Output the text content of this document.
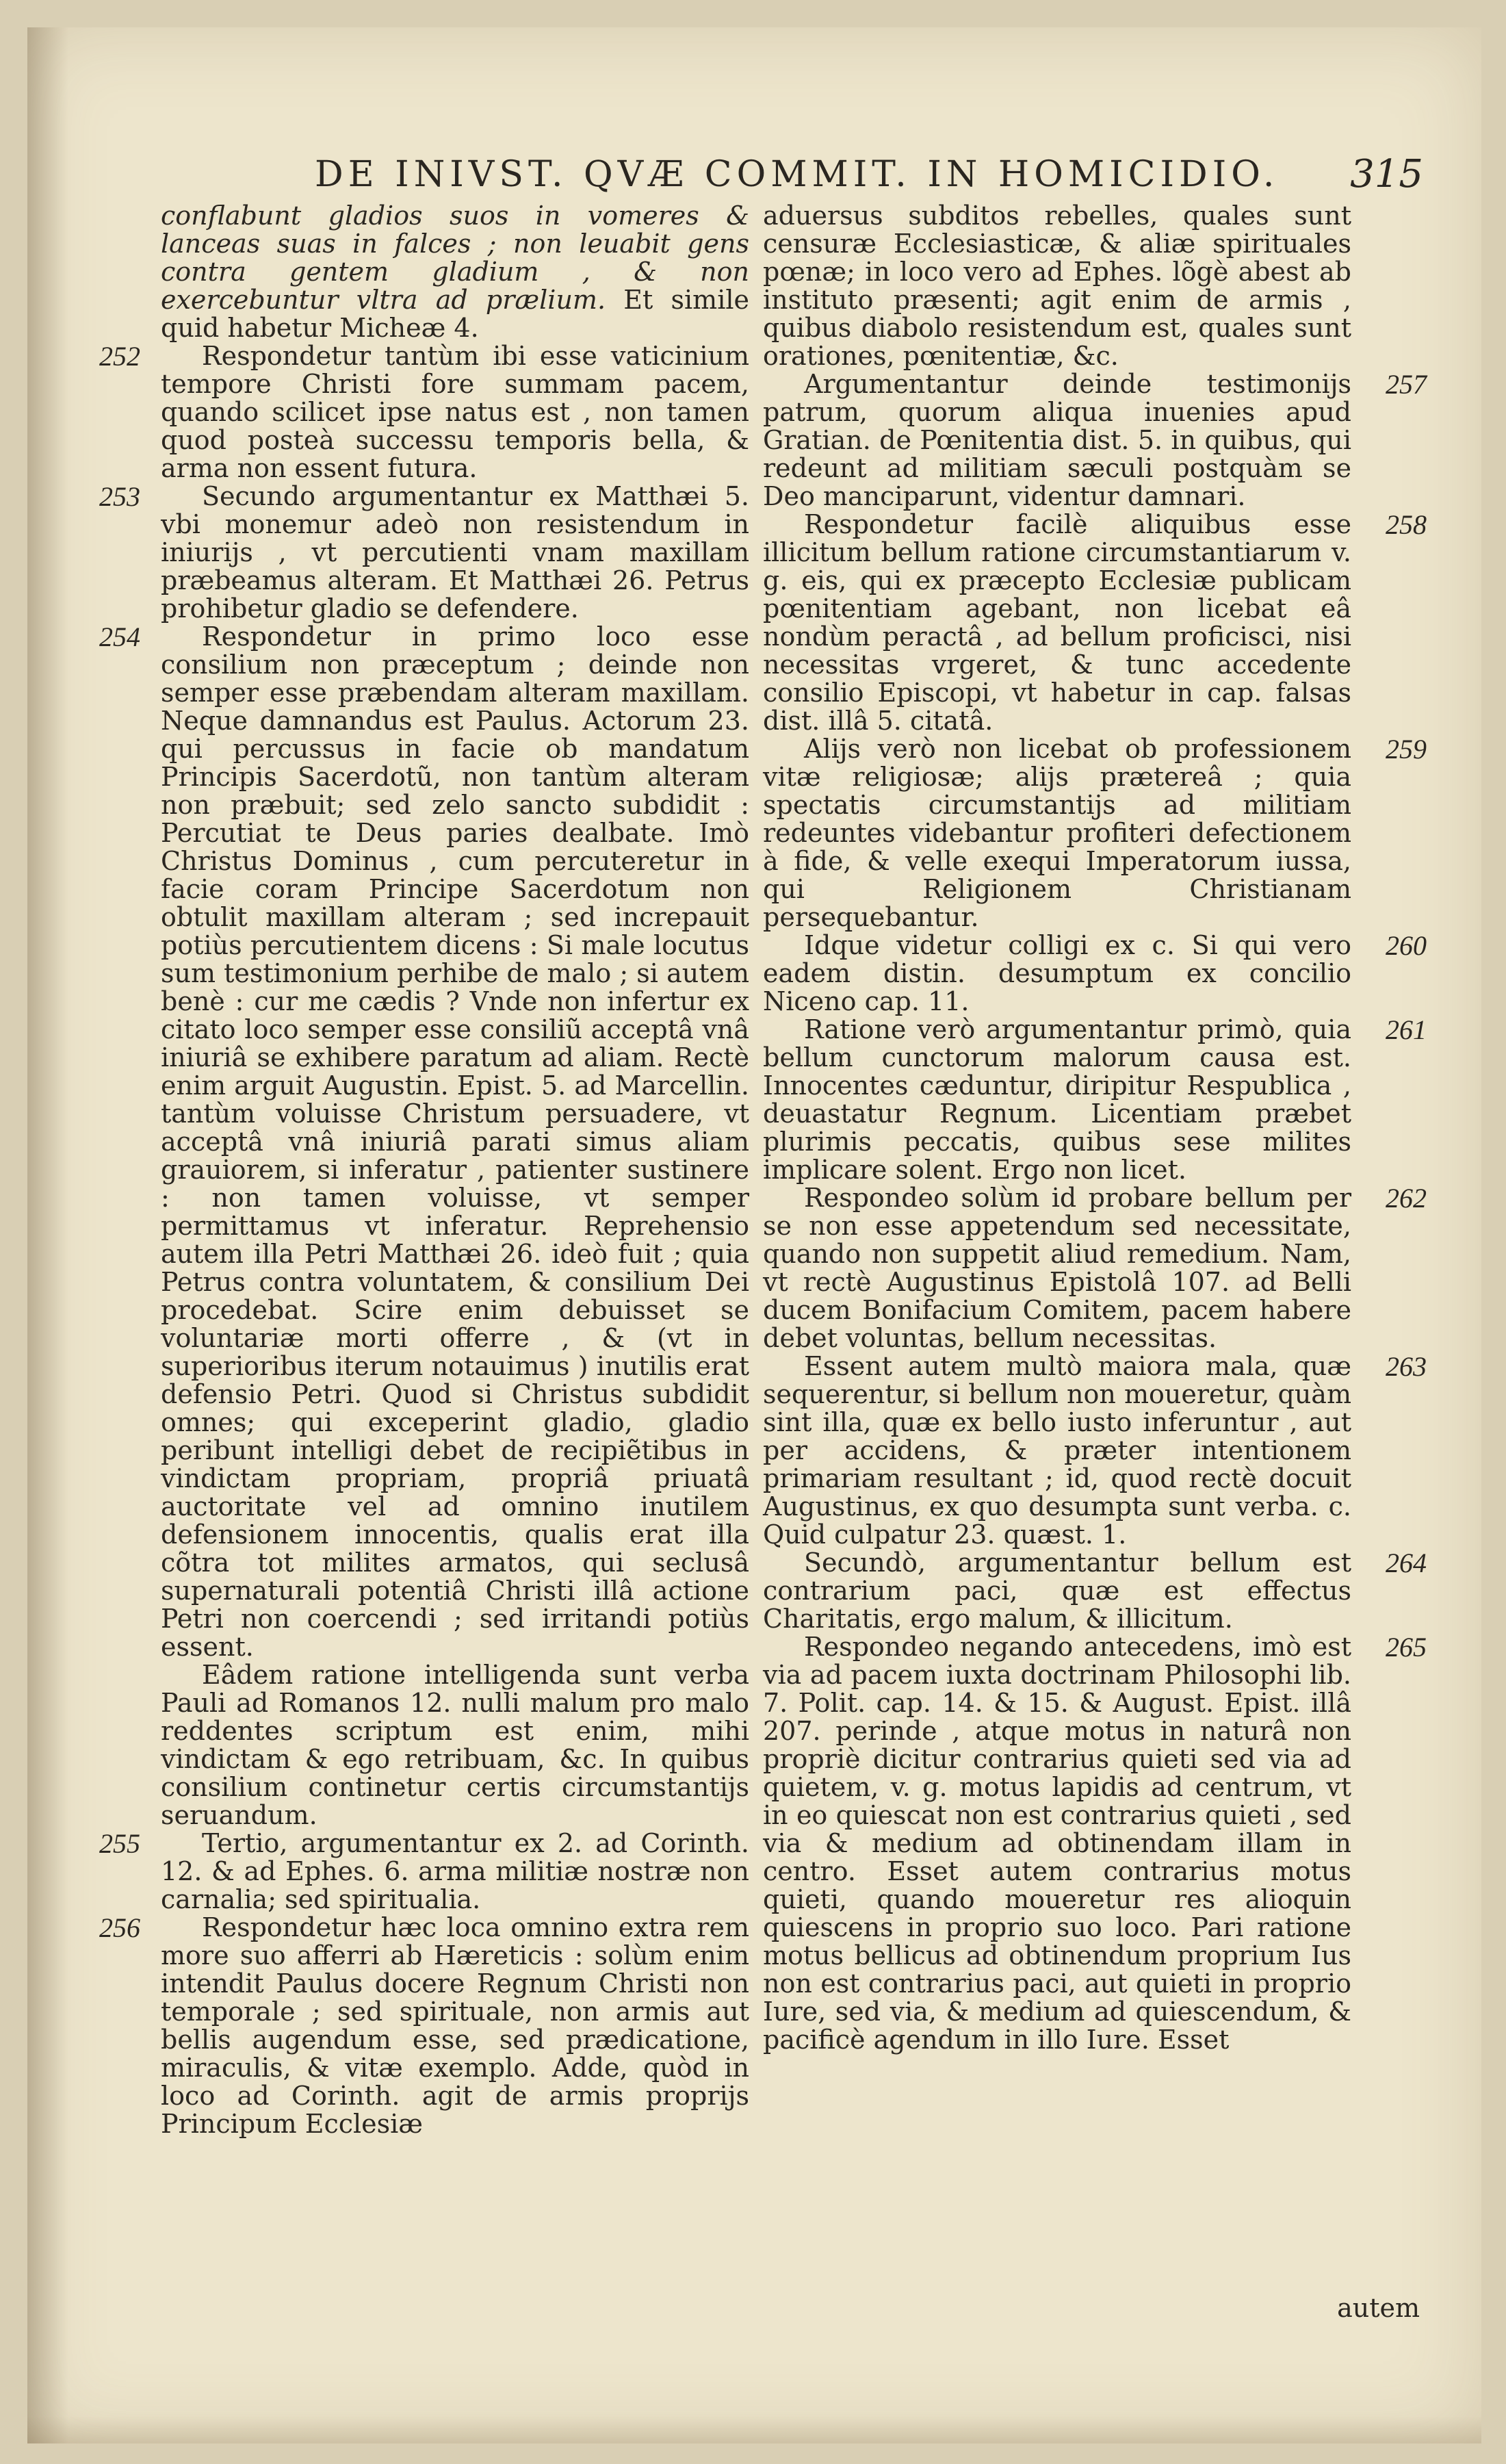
DE INIVST. QVÆ COMMIT. IN HOMICIDIO. 315

conflabunt gladios suos in vomeres & lanceas suas in falces ; non leuabit gens contra gentem gladium , & non exercebuntur vltra ad prælium. Et simile quid habetur Micheæ 4.

252 Respondetur tantùm ibi esse vaticinium tempore Christi fore summam pacem, quando scilicet ipse natus est , non tamen quod posteà successu temporis bella, & arma non essent futura.

253 Secundo argumentantur ex Matthæi 5. vbi monemur adeò non resistendum in iniurijs , vt percutienti vnam maxillam præbeamus alteram. Et Matthæi 26. Petrus prohibetur gladio se defendere.

254 Respondetur in primo loco esse consilium non præceptum ; deinde non semper esse præbendam alteram maxillam. Neque damnandus est Paulus. Actorum 23. qui percussus in facie ob mandatum Principis Sacerdotũ, non tantùm alteram non præbuit; sed zelo sancto subdidit : Percutiat te Deus paries dealbate. Imò Christus Dominus , cum percuteretur in facie coram Principe Sacerdotum non obtulit maxillam alteram ; sed increpauit potiùs percutientem dicens : Si male locutus sum testimonium perhibe de malo ; si autem benè : cur me cædis ? Vnde non infertur ex citato loco semper esse consiliũ acceptâ vnâ iniuriâ se exhibere paratum ad aliam. Rectè enim arguit Augustin. Epist. 5. ad Marcellin. tantùm voluisse Christum persuadere, vt acceptâ vnâ iniuriâ parati simus aliam grauiorem, si inferatur , patienter sustinere : non tamen voluisse, vt semper permittamus vt inferatur. Reprehensio autem illa Petri Matthæi 26. ideò fuit ; quia Petrus contra voluntatem, & consilium Dei procedebat. Scire enim debuisset se voluntariæ morti offerre , & (vt in superioribus iterum notauimus ) inutilis erat defensio Petri. Quod si Christus subdidit omnes; qui exceperint gladio, gladio peribunt intelligi debet de recipiẽtibus in vindictam propriam, propriâ priuatâ auctoritate vel ad omnino inutilem defensionem innocentis, qualis erat illa cõtra tot milites armatos, qui seclusâ supernaturali potentiâ Christi illâ actione Petri non coercendi ; sed irritandi potiùs essent.

Eâdem ratione intelligenda sunt verba Pauli ad Romanos 12. nulli malum pro malo reddentes scriptum est enim, mihi vindictam & ego retribuam, &c. In quibus consilium continetur certis circumstantijs seruandum.

255 Tertio, argumentantur ex 2. ad Corinth. 12. & ad Ephes. 6. arma militiæ nostræ non carnalia; sed spiritualia.

256 Respondetur hæc loca omnino extra rem more suo afferri ab Hæreticis : solùm enim intendit Paulus docere Regnum Christi non temporale ; sed spirituale, non armis aut bellis augendum esse, sed prædicatione, miraculis, & vitæ exemplo. Adde, quòd in loco ad Corinth. agit de armis proprijs Principum Ecclesiæ

aduersus subditos rebelles, quales sunt censuræ Ecclesiasticæ, & aliæ spirituales pœnæ; in loco vero ad Ephes. lõgè abest ab instituto præsenti; agit enim de armis , quibus diabolo resistendum est, quales sunt orationes, pœnitentiæ, &c.

257
Argumentantur deinde testimonijs patrum, quorum aliqua inuenies apud Gratian. de Pœnitentia dist. 5. in quibus, qui redeunt ad militiam sæculi postquàm se Deo manciparunt, videntur damnari.

258
Respondetur facilè aliquibus esse illicitum bellum ratione circumstantiarum v. g. eis, qui ex præcepto Ecclesiæ publicam pœnitentiam agebant, non licebat eâ nondùm peractâ , ad bellum proficisci, nisi necessitas vrgeret, & tunc accedente consilio Episcopi, vt habetur in cap. falsas dist. illâ 5. citatâ.

259
Alijs verò non licebat ob professionem vitæ religiosæ; alijs prætereâ ; quia spectatis circumstantijs ad militiam redeuntes videbantur profiteri defectionem à fide, & velle exequi Imperatorum iussa, qui Religionem Christianam persequebantur.

260
Idque videtur colligi ex c. Si qui vero eadem distin. desumptum ex concilio Niceno cap. 11.

261
Ratione verò argumentantur primò, quia bellum cunctorum malorum causa est. Innocentes cæduntur, diripitur Respublica , deuastatur Regnum. Licentiam præbet plurimis peccatis, quibus sese milites implicare solent. Ergo non licet.

262
Respondeo solùm id probare bellum per se non esse appetendum sed necessitate, quando non suppetit aliud remedium. Nam, vt rectè Augustinus Epistolâ 107. ad Belli ducem Bonifacium Comitem, pacem habere debet voluntas, bellum necessitas.

263
Essent autem multò maiora mala, quæ sequerentur, si bellum non moueretur, quàm sint illa, quæ ex bello iusto inferuntur , aut per accidens, & præter intentionem primariam resultant ; id, quod rectè docuit Augustinus, ex quo desumpta sunt verba. c. Quid culpatur 23. quæst. 1.

264
Secundò, argumentantur bellum est contrarium paci, quæ est effectus Charitatis, ergo malum, & illicitum.

265
Respondeo negando antecedens, imò est via ad pacem iuxta doctrinam Philosophi lib. 7. Polit. cap. 14. & 15. & August. Epist. illâ 207. perinde , atque motus in naturâ non propriè dicitur contrarius quieti sed via ad quietem, v. g. motus lapidis ad centrum, vt in eo quiescat non est contrarius quieti , sed via & medium ad obtinendam illam in centro. Esset autem contrarius motus quieti, quando moueretur res alioquin quiescens in proprio suo loco. Pari ratione motus bellicus ad obtinendum proprium Ius non est contrarius paci, aut quieti in proprio Iure, sed via, & medium ad quiescendum, & pacificè agendum in illo Iure. Esset

autem
